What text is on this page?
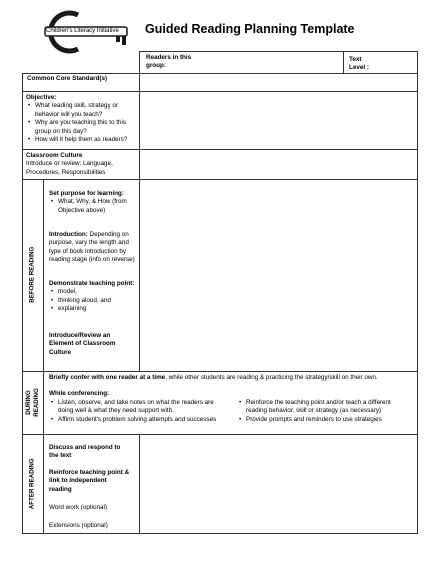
Children's Literacy Initiative Guided Reading Planning Template
Readers in this group:
Text Level :
Common Core Standard(s)

Objective:

• What reading skill, strategy or behavior will you teach?
• Why are you teaching this to this group on this day?
• How will it help them as readers?

Classroom Culture

Introduce or review: Language, Procedures, Responsibilities

BEFORE READING

Set purpose for learning:

• What, Why, & How (from Objective above)
Introduction: Depending on purpose, vary the length and type of book introduction by reading stage (info on reverse)

Demonstrate teaching point:

• model,
• thinking aloud, and
• explaining
Introduce/Review an Element of Classroom Culture
DURING READING
Briefly confer with one reader at a time, while other students are reading & practicing the strategy/skill on their own.
While conferencing:
• Listen, observe, and take notes on what the readers are doing well & what they need support with.
• Affirm student's problem solving attempts and successes
• Reinforce the teaching point and/or teach a different reading behavior, skill or strategy (as necessary)
• Provide prompts and reminders to use strategies
AFTER READING
Discuss and respond to the text
Reinforce teaching point & link to independent reading
Word work (optional)
Extensions (optional)
